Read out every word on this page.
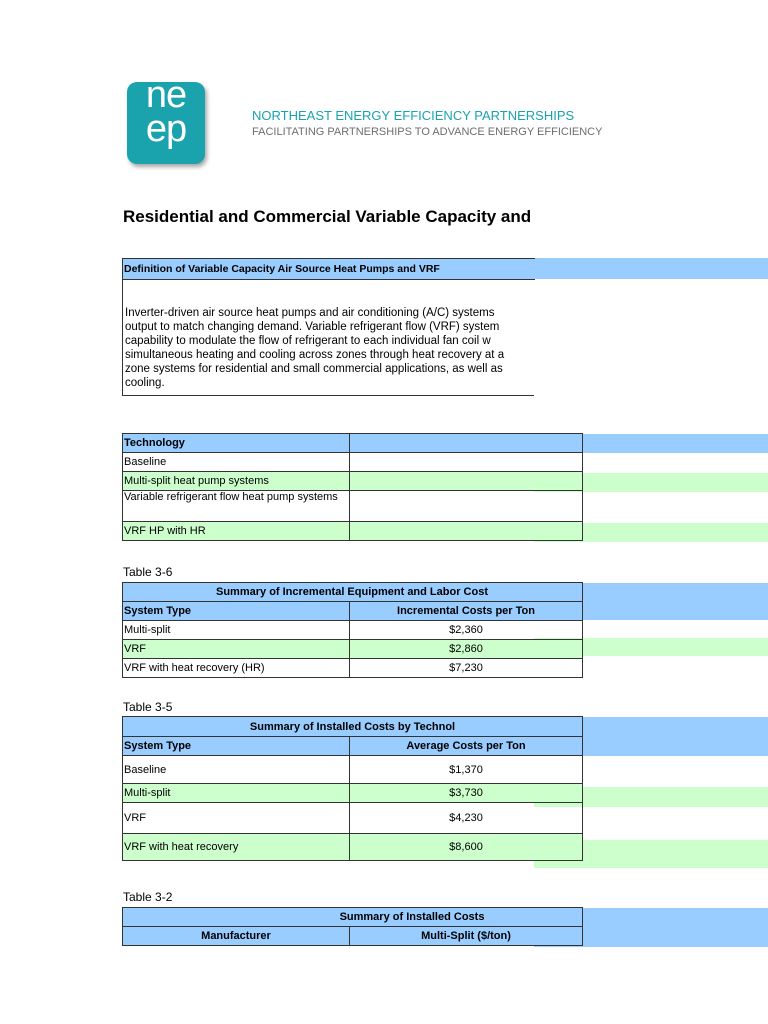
ne
ep	NORTHEAST ENERGY EFFICIENCY PARTNERSHIPS
FACILITATING PARTNERSHIPS TO ADVANCE ENERGY EFFICIENCY
Residential and Commercial Variable Capacity and
Definition of Variable Capacity Air Source Heat Pumps and VRF
Inverter-driven air source heat pumps and air conditioning (A/C) systems
output to match changing demand. Variable refrigerant flow (VRF) system
capability to modulate the flow of refrigerant to each individual fan coil w
simultaneous heating and cooling across zones through heat recovery at a
zone systems for residential and small commercial applications, as well as
cooling.
Technology	
Baseline	
Multi-split heat pump systems	
Variable refrigerant flow heat pump systems	
VRF HP with HR	
Table 3-6
Summary of Incremental Equipment and Labor Cost	
System Type	Incremental Costs per Ton
Multi-split	$2,360
VRF	$2,860
VRF with heat recovery (HR)	$7,230
Table 3-5
Summary of Installed Costs by Technol	
System Type	Average Costs per Ton
Baseline	$1,370
Multi-split	$3,730
VRF	$4,230
VRF with heat recovery	$8,600
Table 3-2
Summary of Installed Costs
Manufacturer	Multi-Split ($/ton)
